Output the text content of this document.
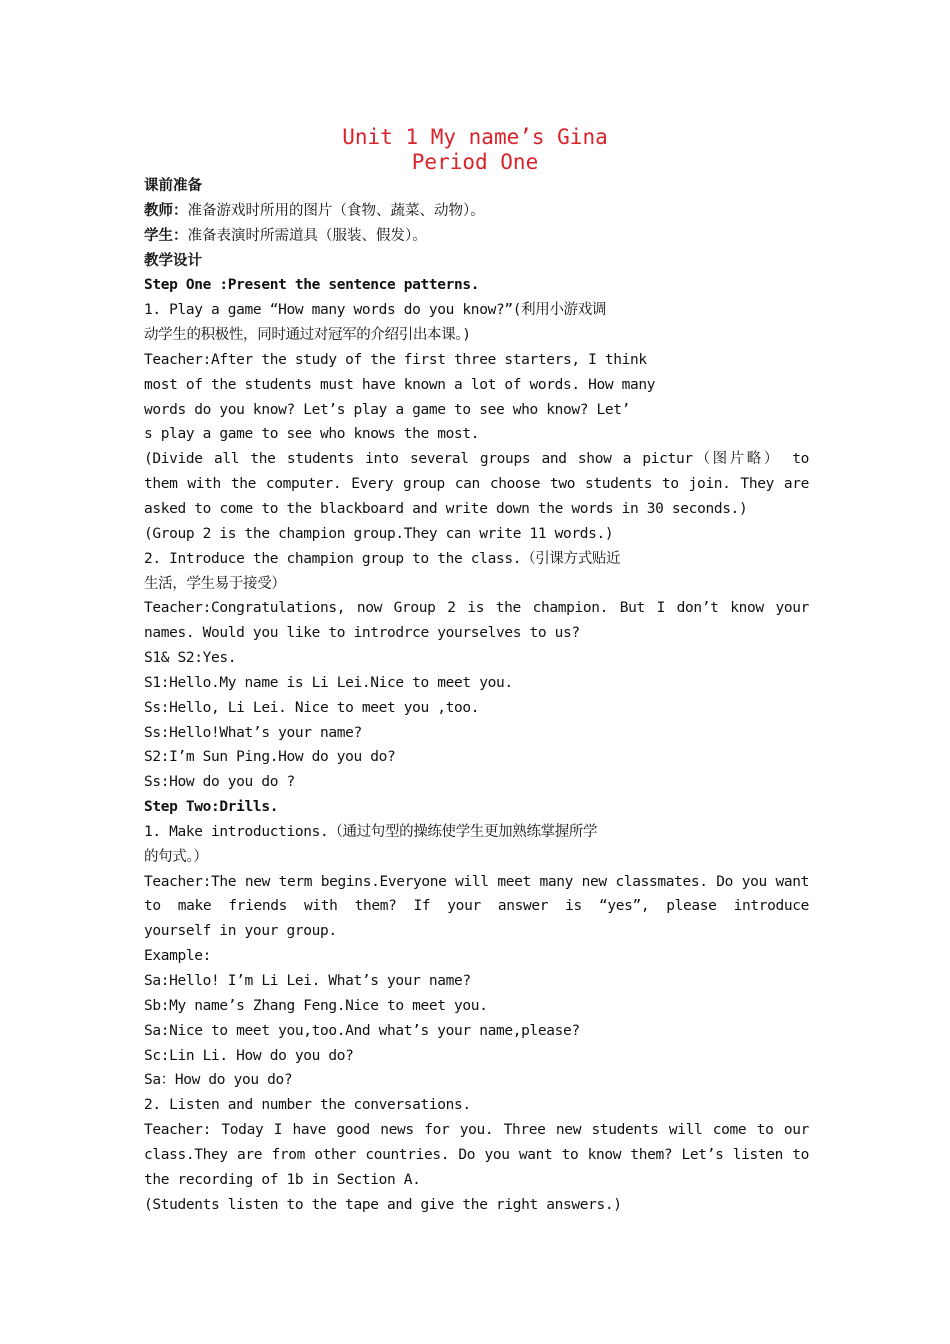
Unit 1 My name’s Gina
Period One
课前准备
教师：准备游戏时所用的图片（食物、蔬菜、动物）。
学生：准备表演时所需道具（服装、假发）。
教学设计
Step One :Present the sentence patterns.
1. Play a game “How many words do you know?”(利用小游戏调
动学生的积极性，同时通过对冠军的介绍引出本课。)
Teacher:After the study of the first three starters, I think
most of the students must have known a lot of words. How many
words do you know? Let’s play a game to see who know? Let’
s play a game to see who knows the most.
(Divide all the students into several groups and show a pictur（图片略） to
them with the computer. Every group can choose two students to join. They are
asked to come to the blackboard and write down the words in 30 seconds.)
(Group 2 is the champion group.They can write 11 words.)
2. Introduce the champion group to the class.（引课方式贴近
生活，学生易于接受）
Teacher:Congratulations, now Group 2 is the champion. But I don’t know your
names. Would you like to introdrce yourselves to us?
S1& S2:Yes.
S1:Hello.My name is Li Lei.Nice to meet you.
Ss:Hello, Li Lei. Nice to meet you ,too.
Ss:Hello!What’s your name?
S2:I’m Sun Ping.How do you do?
Ss:How do you do ?
Step Two:Drills.
1. Make introductions.（通过句型的操练使学生更加熟练掌握所学
的句式。）
Teacher:The new term begins.Everyone will meet many new classmates. Do you want
to make friends with them? If your answer is “yes”, please introduce
yourself in your group.
Example:
Sa:Hello! I’m Li Lei. What’s your name?
Sb:My name’s Zhang Feng.Nice to meet you.
Sa:Nice to meet you,too.And what’s your name,please?
Sc:Lin Li. How do you do?
Sa：How do you do?
2. Listen and number the conversations.
Teacher: Today I have good news for you. Three new students will come to our
class.They are from other countries. Do you want to know them? Let’s listen to
the recording of 1b in Section A.
(Students listen to the tape and give the right answers.)
